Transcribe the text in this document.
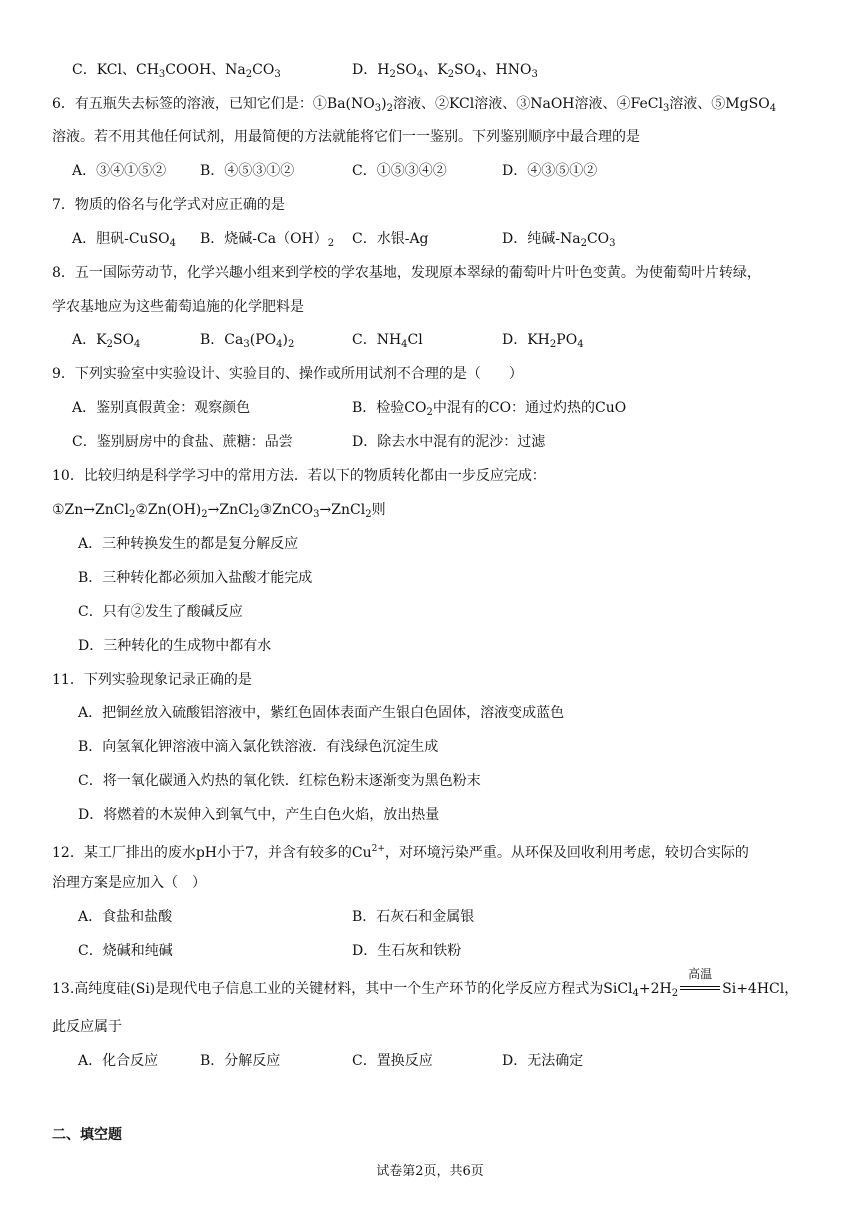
C．KCl、$CH_3COOH$、$Na_2CO_3$	D．$H_2SO_4$、$K_2SO_4$、$HNO_3$
6．有五瓶失去标签的溶液，已知它们是：$①Ba(NO_3)_2$溶液、②KCl溶液、③NaOH溶液、④FeCl$_3$溶液、⑤MgSO$_4$
溶液。若不用其他任何试剂，用最简便的方法就能将它们一一鉴别。下列鉴别顺序中最合理的是
A．③④①⑤② B．④⑤③①②	C．①⑤③④②	D．④③⑤①②
7．物质的俗名与化学式对应正确的是
A．胆矾-CuSO$_4$ B．烧碱$-Ca(OH)_2$ C．水银-Ag	D．纯碱$-Na_2CO_3$
8．五一国际劳动节，化学兴趣小组来到学校的学农基地，发现原本翠绿的葡萄叶片叶色变黄。为使葡萄叶片转绿，
学农基地应为这些葡萄追施的化学肥料是
A．$K_2SO_4$	B．$Ca_3(PO_4)_2$	C．$NH_4Cl$	D．$KH_2PO_4$
9．下列实验室中实验设计、实验目的、操作或所用试剂不合理的是（　　）
A．鉴别真假黄金：观察颜色	B．检验$CO_2$中混有的CO：通过灼热的CuO
C．鉴别厨房中的食盐、蔗糖：品尝	D．除去水中混有的泥沙：过滤
10．比较归纳是科学学习中的常用方法．若以下的物质转化都由一步反应完成：
$①Zn\to ZnCl_2②Zn(OH)_2\to ZnCl_2③ZnCO_3\to ZnCl_2$则
A．三种转换发生的都是复分解反应
B．三种转化都必须加入盐酸才能完成
C．只有②发生了酸碱反应
D．三种转化的生成物中都有水
11．下列实验现象记录正确的是
A．把铜丝放入硫酸铝溶液中，紫红色固体表面产生银白色固体，溶液变成蓝色
B．向氢氧化钾溶液中滴入氯化铁溶液．有浅绿色沉淀生成
C．将一氧化碳通入灼热的氧化铁．红棕色粉末逐渐变为黑色粉末
D．将燃着的木炭伸入到氧气中，产生白色火焰，放出热量
12．某工厂排出的废水pH小于7，并含有较多的$Cu^{2+}$，对环境污染严重。从环保及回收利用考虑，较切合实际的
治理方案是应加入（　）
A．食盐和盐酸	B．石灰石和金属银
C．烧碱和纯碱	D．生石灰和铁粉
13.高纯度硅(Si)是现代电子信息工业的关键材料，其中一个生产环节的化学反应方程式为$SiCl_4+2H_2$
高温
Si+4HCl，
此反应属于
A．化合反应	B．分解反应	C．置换反应	D．无法确定
二、填空题
试卷第2页，共6页
